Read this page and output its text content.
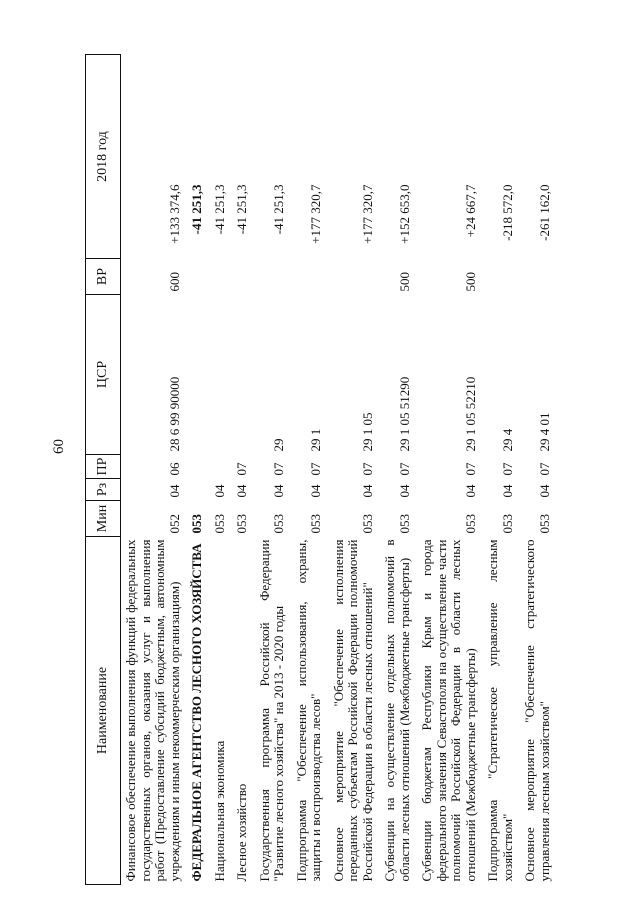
60
Наименование	Мин	Рз	ПР	ЦСР	ВР	2018 год
Финансовое обеспечение выполнения функций федеральных государственных органов, оказания услуг и выполнения работ (Предоставление субсидий бюджетным, автономным учреждениям и иным некоммерческим организациям)	052	04	06	28 6 99 90000	600	+133 374,6
ФЕДЕРАЛЬНОЕ АГЕНТСТВО ЛЕСНОГО ХОЗЯЙСТВА	053					-41 251,3
Национальная экономика	053	04				-41 251,3
Лесное хозяйство	053	04	07			-41 251,3
Государственная программа Российской Федерации "Развитие лесного хозяйства" на 2013 - 2020 годы	053	04	07	29		-41 251,3
Подпрограмма "Обеспечение использования, охраны, защиты и воспроизводства лесов"	053	04	07	29 1		+177 320,7
Основное мероприятие "Обеспечение исполнения переданных субъектам Российской Федерации полномочий Российской Федерации в области лесных отношений"	053	04	07	29 1 05		+177 320,7
Субвенции на осуществление отдельных полномочий в области лесных отношений (Межбюджетные трансферты)	053	04	07	29 1 05 51290	500	+152 653,0
Субвенции бюджетам Республики Крым и города федерального значения Севастополя на осуществление части полномочий Российской Федерации в области лесных отношений (Межбюджетные трансферты)	053	04	07	29 1 05 52210	500	+24 667,7
Подпрограмма "Стратегическое управление лесным хозяйством"	053	04	07	29 4		-218 572,0
Основное мероприятие "Обеспечение стратегического управления лесным хозяйством"	053	04	07	29 4 01		-261 162,0
